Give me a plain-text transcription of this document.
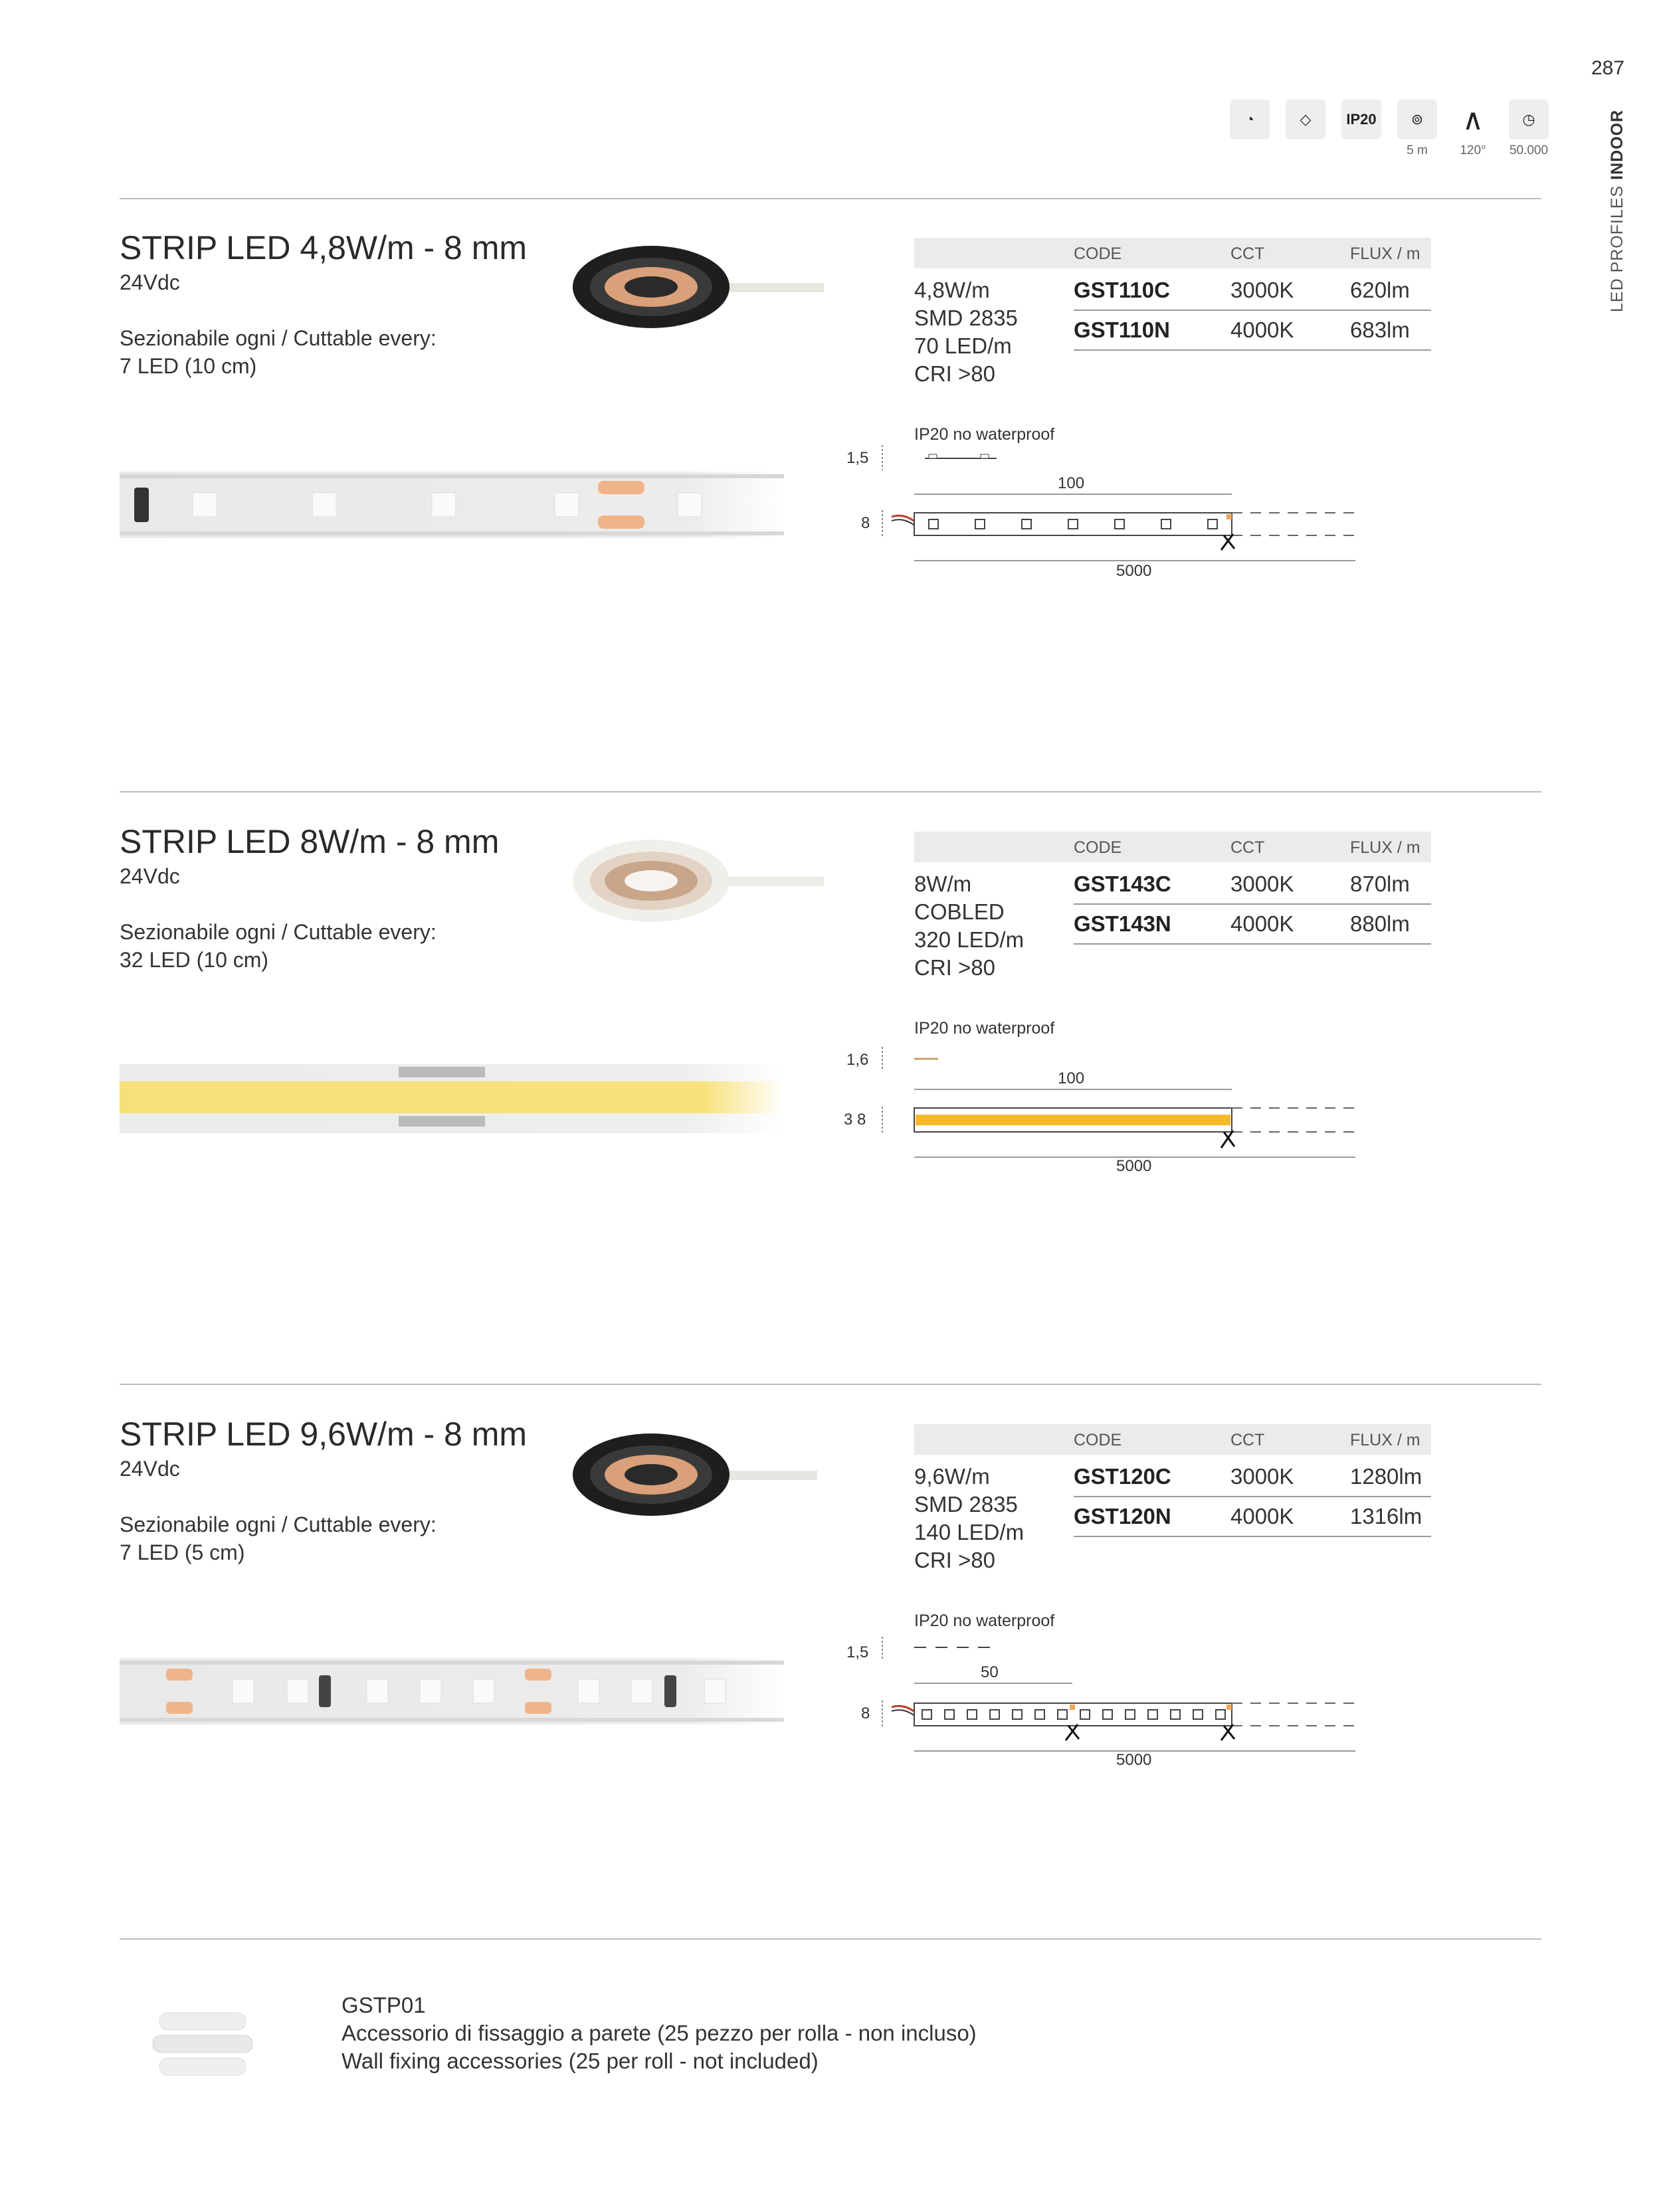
287
LED PROFILES INDOOR
◔	◇	IP20	⊚
5 m
∧
120°
◷
50.000
STRIP LED 4,8W/m - 8 mm
24Vdc
Sezionabile ogni / Cuttable every:
7 LED (10 cm)
CODE	CCT	FLUX / m
4,8W/m
SMD 2835
70 LED/m
CRI >80
GST110C	3000K	620lm
GST110N	4000K	683lm
IP20 no waterproof
1,5
8
100
5000
STRIP LED 8W/m - 8 mm
24Vdc
Sezionabile ogni / Cuttable every:
32 LED (10 cm)
CODE	CCT	FLUX / m
8W/m
COBLED
320 LED/m
CRI >80
GST143C	3000K	870lm
GST143N	4000K	880lm
IP20 no waterproof
1,6
3 8
100
5000
STRIP LED 9,6W/m - 8 mm
24Vdc
Sezionabile ogni / Cuttable every:
7 LED (5 cm)
CODE	CCT	FLUX / m
9,6W/m
SMD 2835
140 LED/m
CRI >80
GST120C	3000K	1280lm
GST120N	4000K	1316lm
IP20 no waterproof
1,5
8
50
5000
GSTP01
Accessorio di fissaggio a parete (25 pezzo per rolla - non incluso)
Wall fixing accessories (25 per roll - not included)
